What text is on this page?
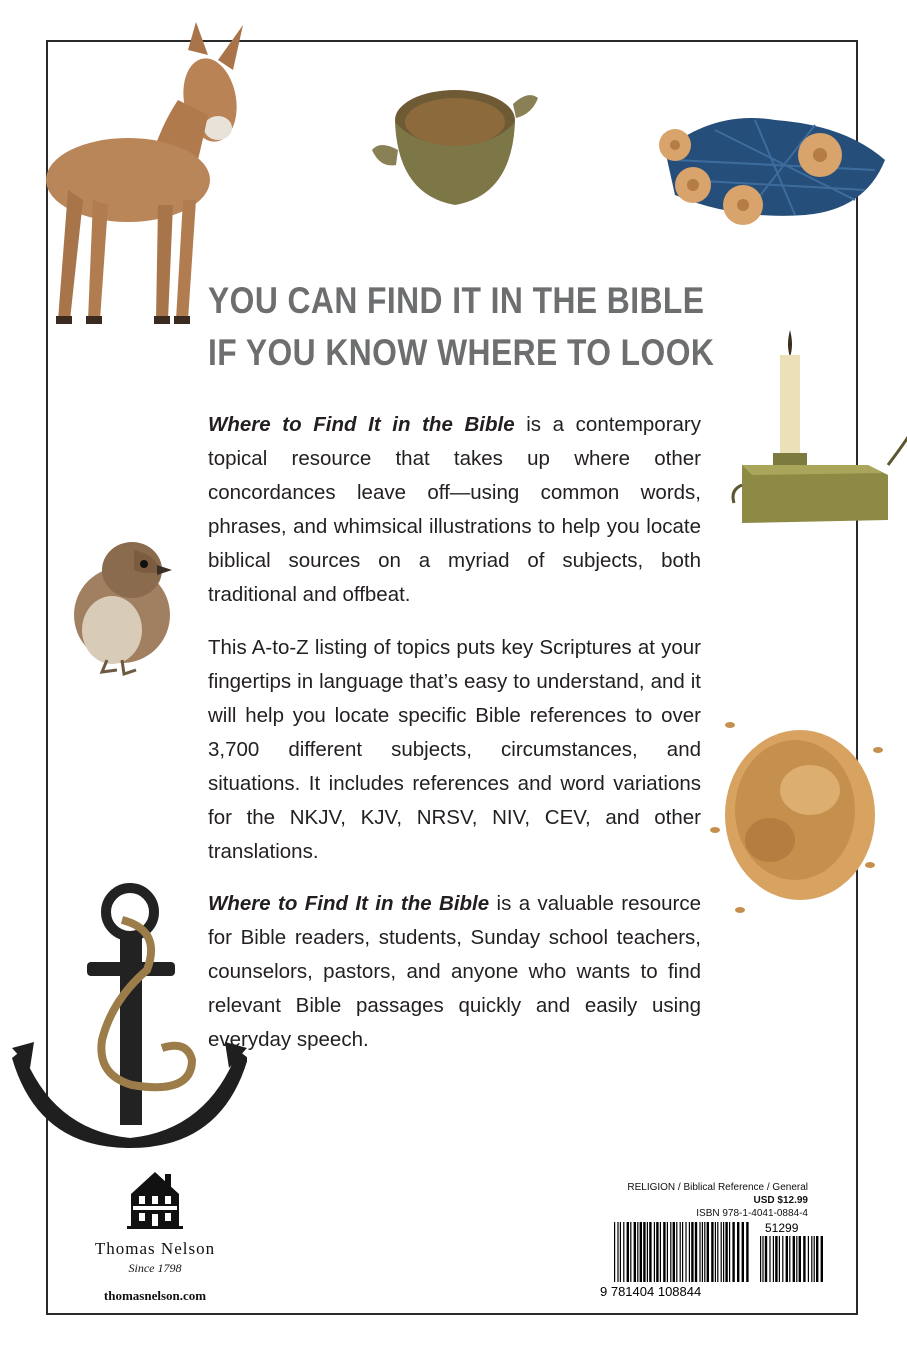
YOU CAN FIND IT IN THE BIBLE
IF YOU KNOW WHERE TO LOOK
Where to Find It in the Bible is a contemporary topical resource that takes up where other concordances leave off—using common words, phrases, and whimsical illustrations to help you locate biblical sources on a myriad of subjects, both traditional and offbeat.
This A-to-Z listing of topics puts key Scriptures at your fingertips in language that’s easy to understand, and it will help you locate specific Bible references to over 3,700 different subjects, circumstances, and situations. It includes references and word variations for the NKJV, KJV, NRSV, NIV, CEV, and other translations.
Where to Find It in the Bible is a valuable resource for Bible readers, students, Sunday school teachers, counselors, pastors, and anyone who wants to find relevant Bible passages quickly and easily using everyday speech.
Thomas Nelson
Since 1798
thomasnelson.com
RELIGION / Biblical Reference / General
USD $12.99
ISBN 978-1-4041-0884-4
9 781404 108844
51299
